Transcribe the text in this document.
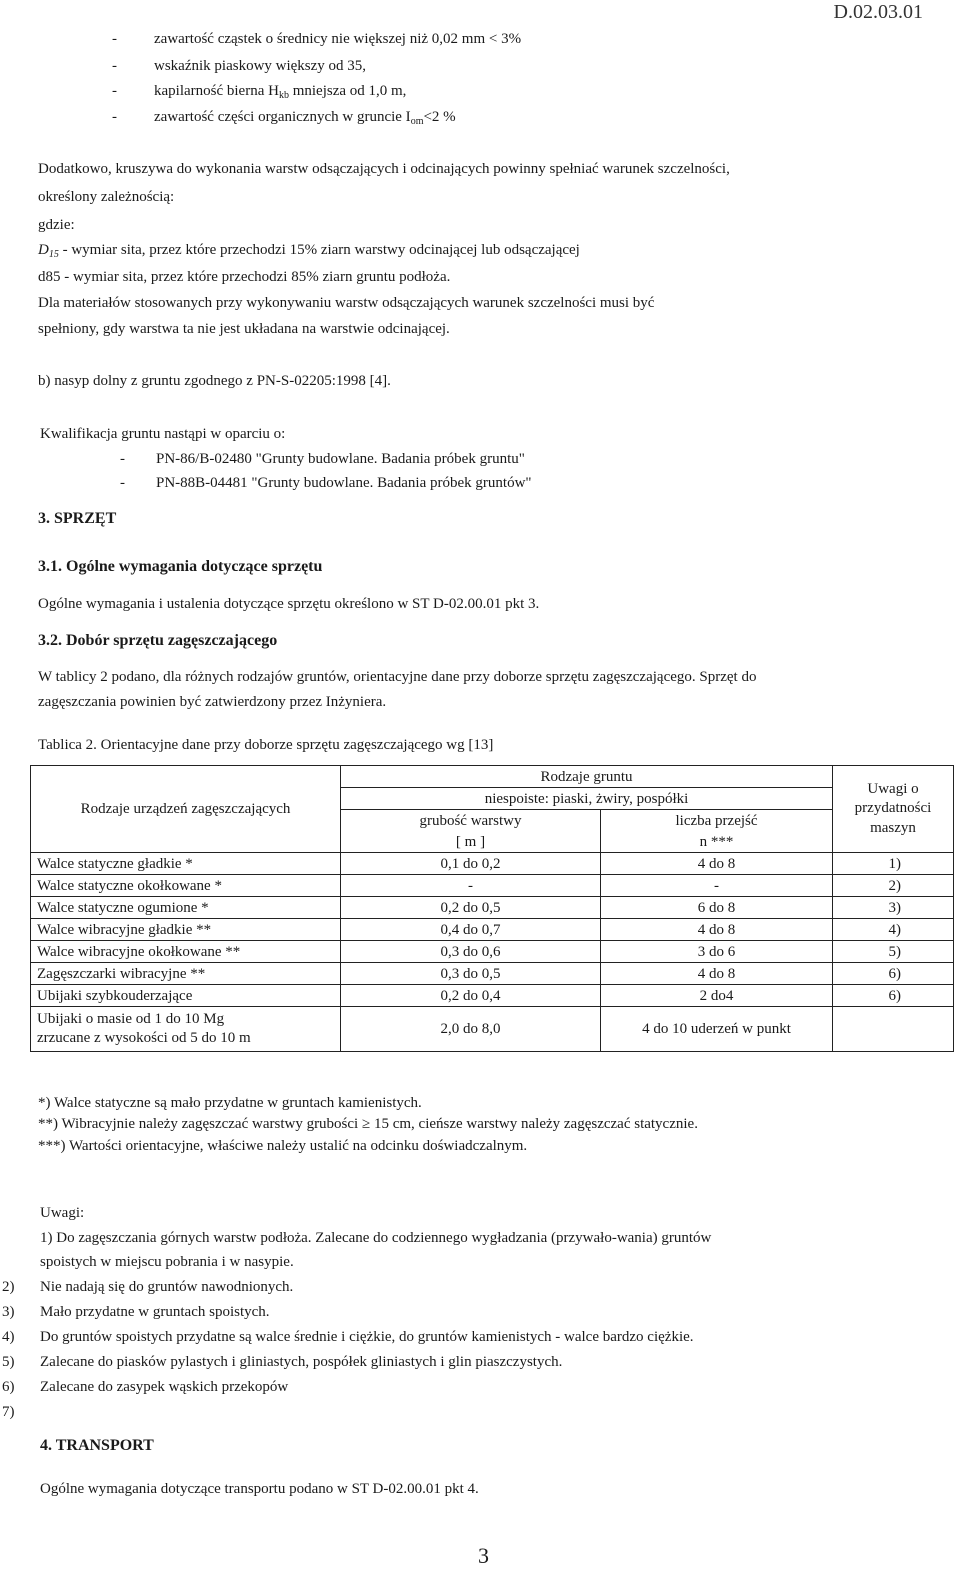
D.02.03.01
- zawartość cząstek o średnicy nie większej niż 0,02 mm < 3%
- wskaźnik piaskowy większy od 35,
- kapilarność bierna $H_{kb}$ mniejsza od 1,0 m,
- zawartość części organicznych w gruncie $I_{om}<2$ %
Dodatkowo, kruszywa do wykonania warstw odsączających i odcinających powinny spełniać warunek szczelności,
określony zależnością:
gdzie:
$D_{15}$ - wymiar sita, przez które przechodzi 15% ziarn warstwy odcinającej lub odsączającej
d85 - wymiar sita, przez które przechodzi 85% ziarn gruntu podłoża.
Dla materiałów stosowanych przy wykonywaniu warstw odsączających warunek szczelności musi być
spełniony, gdy warstwa ta nie jest układana na warstwie odcinającej.
b) nasyp dolny z gruntu zgodnego z PN-S-02205:1998 [4].
Kwalifikacja gruntu nastąpi w oparciu o:
- PN-86/B-02480 "Grunty budowlane. Badania próbek gruntu"
- PN-88B-04481 "Grunty budowlane. Badania próbek gruntów"
3. SPRZĘT
3.1. Ogólne wymagania dotyczące sprzętu
Ogólne wymagania i ustalenia dotyczące sprzętu określono w ST D-02.00.01 pkt 3.
3.2. Dobór sprzętu zagęszczającego
W tablicy 2 podano, dla różnych rodzajów gruntów, orientacyjne dane przy doborze sprzętu zagęszczającego. Sprzęt do
zagęszczania powinien być zatwierdzony przez Inżyniera.
Tablica 2. Orientacyjne dane przy doborze sprzętu zagęszczającego wg [13]
Rodzaje urządzeń zagęszczających	Rodzaje gruntu		Uwagi o przydatności maszyn
	niespoiste: piaski, żwiry, pospółki		
	grubość warstwy	liczba przejść	
	[ m ]	n ***	
Walce statyczne gładkie *	0,1 do 0,2	4 do 8	1)
Walce statyczne okołkowane *	-	-	2)
Walce statyczne ogumione *	0,2 do 0,5	6 do 8	3)
Walce wibracyjne gładkie **	0,4 do 0,7	4 do 8	4)
Walce wibracyjne okołkowane **	0,3 do 0,6	3 do 6	5)
Zagęszczarki wibracyjne **	0,3 do 0,5	4 do 8	6)
Ubijaki szybkouderzające	0,2 do 0,4	2 do4	6)
Ubijaki o masie od 1 do 10 Mg
zrzucane z wysokości od 5 do 10 m	2,0 do 8,0	4 do 10 uderzeń w punkt	
*) Walce statyczne są mało przydatne w gruntach kamienistych.
**) Wibracyjnie należy zagęszczać warstwy grubości ≥ 15 cm, cieńsze warstwy należy zagęszczać statycznie.
***) Wartości orientacyjne, właściwe należy ustalić na odcinku doświadczalnym.
Uwagi:
1) Do zagęszczania górnych warstw podłoża. Zalecane do codziennego wygładzania (przywało-wania) gruntów
spoistych w miejscu pobrania i w nasypie.
2) Nie nadają się do gruntów nawodnionych.
3) Mało przydatne w gruntach spoistych.
4) Do gruntów spoistych przydatne są walce średnie i ciężkie, do gruntów kamienistych - walce bardzo ciężkie.
5) Zalecane do piasków pylastych i gliniastych, pospółek gliniastych i glin piaszczystych.
6) Zalecane do zasypek wąskich przekopów
7)
4. TRANSPORT
Ogólne wymagania dotyczące transportu podano w ST D-02.00.01 pkt 4.
3
